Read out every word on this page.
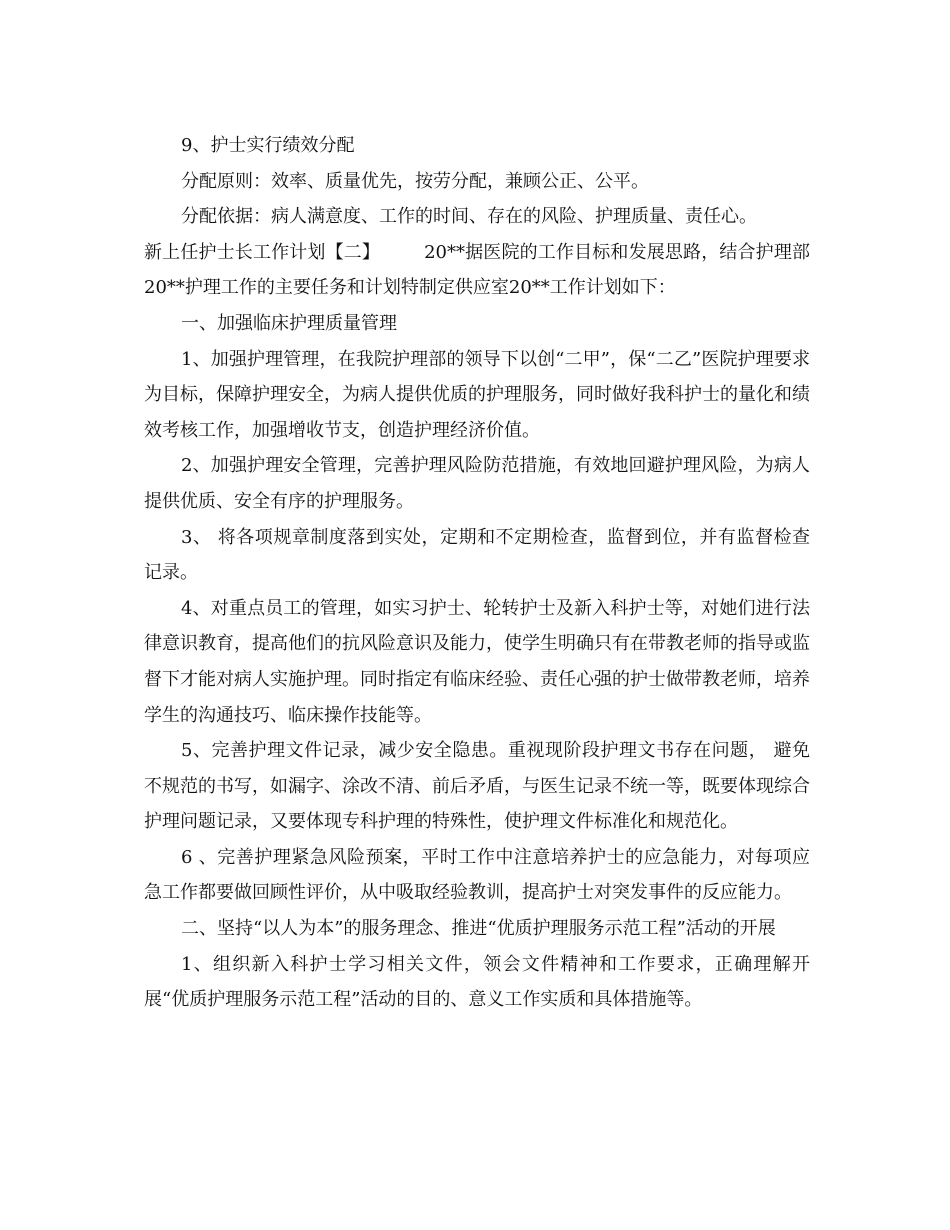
9、护士实行绩效分配

分配原则：效率、质量优先，按劳分配，兼顾公正、公平。

分配依据：病人满意度、工作的时间、存在的风险、护理质量、责任心。

新上任护士长工作计划【二】 20**据医院的工作目标和发展思路，结合护理部20**护理工作的主要任务和计划特制定供应室20**工作计划如下：

一、加强临床护理质量管理

1、加强护理管理，在我院护理部的领导下以创“二甲”，保“二乙”医院护理要求为目标，保障护理安全，为病人提供优质的护理服务，同时做好我科护士的量化和绩效考核工作，加强增收节支，创造护理经济价值。

2、加强护理安全管理，完善护理风险防范措施，有效地回避护理风险，为病人提供优质、安全有序的护理服务。

3、 将各项规章制度落到实处，定期和不定期检查，监督到位，并有监督检查记录。

4、对重点员工的管理，如实习护士、轮转护士及新入科护士等，对她们进行法律意识教育，提高他们的抗风险意识及能力，使学生明确只有在带教老师的指导或监督下才能对病人实施护理。同时指定有临床经验、责任心强的护士做带教老师，培养学生的沟通技巧、临床操作技能等。

5、完善护理文件记录，减少安全隐患。重视现阶段护理文书存在问题， 避免不规范的书写，如漏字、涂改不清、前后矛盾，与医生记录不统一等，既要体现综合护理问题记录，又要体现专科护理的特殊性，使护理文件标准化和规范化。

6 、完善护理紧急风险预案，平时工作中注意培养护士的应急能力，对每项应急工作都要做回顾性评价，从中吸取经验教训，提高护士对突发事件的反应能力。

二、坚持“以人为本”的服务理念、推进“优质护理服务示范工程”活动的开展

1、组织新入科护士学习相关文件，领会文件精神和工作要求，正确理解开展“优质护理服务示范工程”活动的目的、意义工作实质和具体措施等。
